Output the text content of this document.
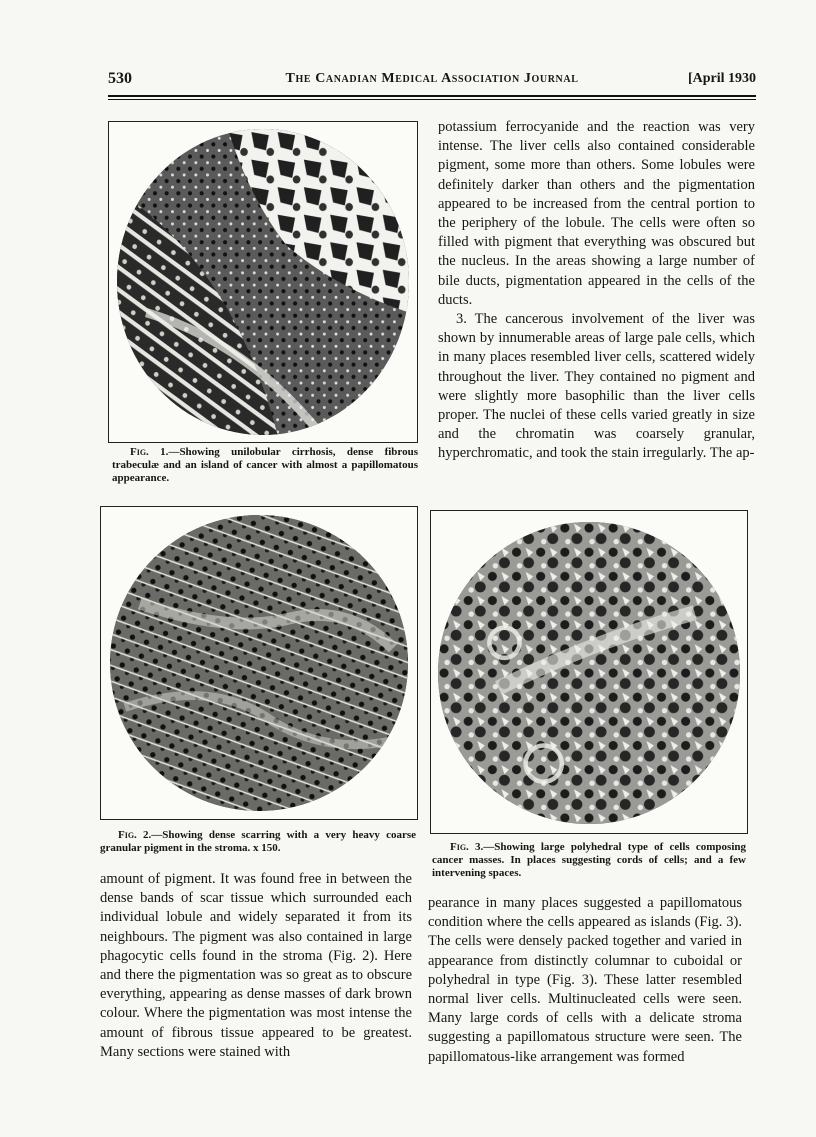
530	The Canadian Medical Association Journal	[April 1930
Fig. 1.—Showing unilobular cirrhosis, dense fibrous trabeculæ and an island of cancer with almost a papillomatous appearance.

potassium ferrocyanide and the reaction was very intense. The liver cells also contained considerable pigment, some more than others. Some lobules were definitely darker than others and the pigmentation appeared to be increased from the central portion to the periphery of the lobule. The cells were often so filled with pigment that everything was obscured but the nucleus. In the areas showing a large number of bile ducts, pigmentation appeared in the cells of the ducts.

3. The cancerous involvement of the liver was shown by innumerable areas of large pale cells, which in many places resembled liver cells, scattered widely throughout the liver. They contained no pigment and were slightly more basophilic than the liver cells proper. The nuclei of these cells varied greatly in size and the chromatin was coarsely granular, hyperchromatic, and took the stain irregularly. The ap-

Fig. 2.—Showing dense scarring with a very heavy coarse granular pigment in the stroma. x 150.	Fig. 3.—Showing large polyhedral type of cells composing cancer masses. In places suggesting cords of cells; and a few intervening spaces.

amount of pigment. It was found free in between the dense bands of scar tissue which surrounded each individual lobule and widely separated it from its neighbours. The pigment was also contained in large phagocytic cells found in the stroma (Fig. 2). Here and there the pigmentation was so great as to obscure everything, appearing as dense masses of dark brown colour. Where the pigmentation was most intense the amount of fibrous tissue appeared to be greatest. Many sections were stained with

pearance in many places suggested a papillomatous condition where the cells appeared as islands (Fig. 3). The cells were densely packed together and varied in appearance from distinctly columnar to cuboidal or polyhedral in type (Fig. 3). These latter resembled normal liver cells. Multinucleated cells were seen. Many large cords of cells with a delicate stroma suggesting a papillomatous structure were seen. The papillomatous-like arrangement was formed
